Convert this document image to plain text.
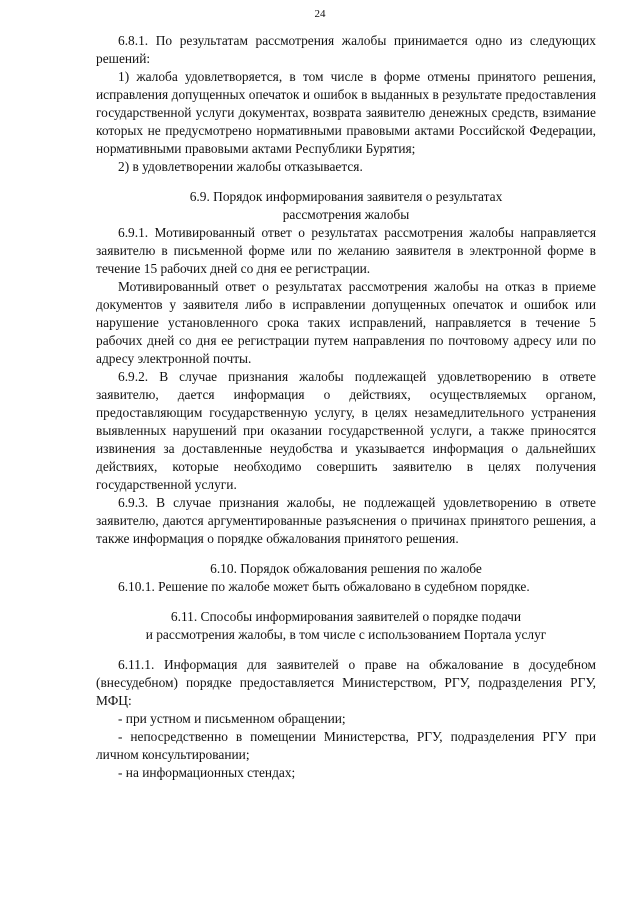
24

6.8.1. По результатам рассмотрения жалобы принимается одно из следующих решений:

1) жалоба удовлетворяется, в том числе в форме отмены принятого решения, исправления допущенных опечаток и ошибок в выданных в результате предоставления государственной услуги документах, возврата заявителю денежных средств, взимание которых не предусмотрено нормативными правовыми актами Российской Федерации, нормативными правовыми актами Республики Бурятия;

2) в удовлетворении жалобы отказывается.

6.9. Порядок информирования заявителя о результатах

рассмотрения жалобы

6.9.1. Мотивированный ответ о результатах рассмотрения жалобы направляется заявителю в письменной форме или по желанию заявителя в электронной форме в течение 15 рабочих дней со дня ее регистрации.

Мотивированный ответ о результатах рассмотрения жалобы на отказ в приеме документов у заявителя либо в исправлении допущенных опечаток и ошибок или нарушение установленного срока таких исправлений, направляется в течение 5 рабочих дней со дня ее регистрации путем направления по почтовому адресу или по адресу электронной почты.

6.9.2. В случае признания жалобы подлежащей удовлетворению в ответе заявителю, дается информация о действиях, осуществляемых органом, предоставляющим государственную услугу, в целях незамедлительного устранения выявленных нарушений при оказании государственной услуги, а также приносятся извинения за доставленные неудобства и указывается информация о дальнейших действиях, которые необходимо совершить заявителю в целях получения государственной услуги.

6.9.3. В случае признания жалобы, не подлежащей удовлетворению в ответе заявителю, даются аргументированные разъяснения о причинах принятого решения, а также информация о порядке обжалования принятого решения.

6.10. Порядок обжалования решения по жалобе

6.10.1. Решение по жалобе может быть обжаловано в судебном порядке.

6.11. Способы информирования заявителей о порядке подачи

и рассмотрения жалобы, в том числе с использованием Портала услуг

6.11.1. Информация для заявителей о праве на обжалование в досудебном (внесудебном) порядке предоставляется Министерством, РГУ, подразделения РГУ, МФЦ:

- при устном и письменном обращении;

- непосредственно в помещении Министерства, РГУ, подразделения РГУ при личном консультировании;

- на информационных стендах;
